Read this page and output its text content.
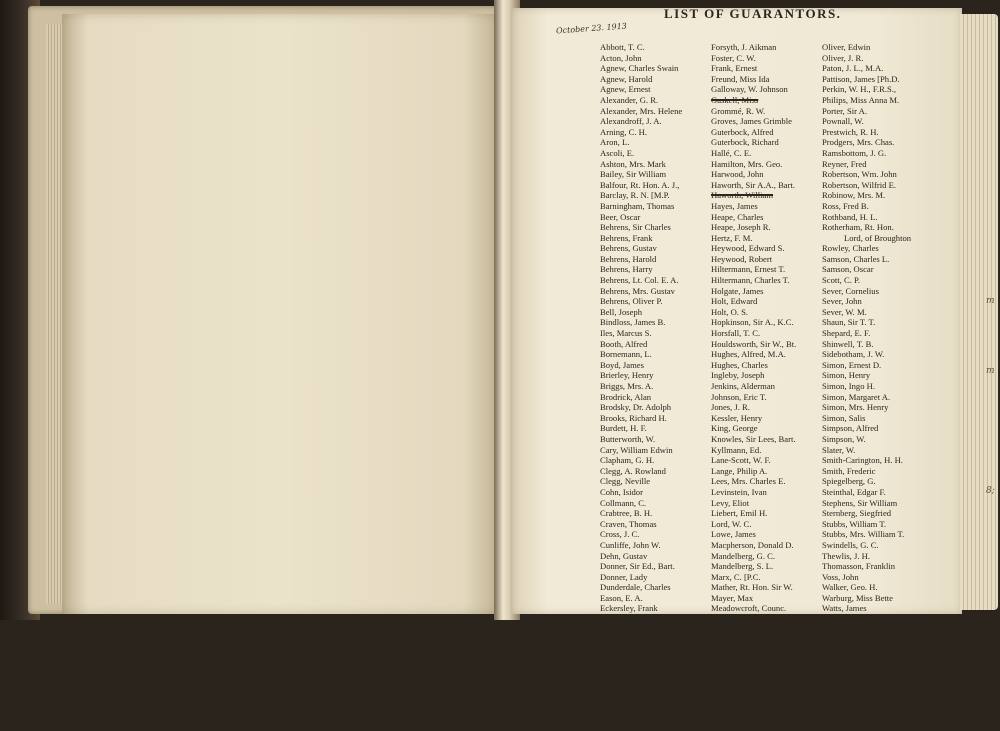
LIST OF GUARANTORS.
October 23. 1913
Abbott, T. C.
Acton, John
Agnew, Charles Swain
Agnew, Harold
Agnew, Ernest
Alexander, G. R.
Alexander, Mrs. Helene
Alexandroff, J. A.
Arning, C. H.
Aron, L.
Ascoli, E.
Ashton, Mrs. Mark
Bailey, Sir William
Balfour, Rt. Hon. A. J.,
Barclay, R. N. [M.P.
Barningham, Thomas
Beer, Oscar
Behrens, Sir Charles
Behrens, Frank
Behrens, Gustav
Behrens, Harold
Behrens, Harry
Behrens, Lt. Col. E. A.
Behrens, Mrs. Gustav
Behrens, Oliver P.
Bell, Joseph
Bindloss, James B.
Iles, Marcus S.
Booth, Alfred
Bornemann, L.
Boyd, James
Brierley, Henry
Briggs, Mrs. A.
Brodrick, Alan
Brodsky, Dr. Adolph
Brooks, Richard H.
Burdett, H. F.
Butterworth, W.
Cary, William Edwin
Clapham, G. H.
Clegg, A. Rowland
Clegg, Neville
Cohn, Isidor
Collmann, C.
Crabtree, B. H.
Craven, Thomas
Cross, J. C.
Cunliffe, John W.
Dehn, Gustav
Donner, Sir Ed., Bart.
Donner, Lady
Dunderdale, Charles
Eason, E. A.
Eckersley, Frank
Eckersley, William
Eckhard, Gustav
Eckhard, Mrs. G.
Edgar, R. A.
Elverston, Sir H., M.P.
Emmott, Rt. Hon. Lord,
of Oldham.
Finnigan, William
Flohr, John
Forrester, Peter
Forsyth, Algernon
Forsyth, J. Aikman
Foster, C. W.
Frank, Ernest
Freund, Miss Ida
Galloway, W. Johnson
Gaskell, Miss
Grommé, R. W.
Groves, James Grimble
Guterbock, Alfred
Guterbock, Richard
Hallé, C. E.
Hamilton, Mrs. Geo.
Harwood, John
Haworth, Sir A.A., Bart.
Haworth, William
Hayes, James
Heape, Charles
Heape, Joseph R.
Hertz, F. M.
Heywood, Edward S.
Heywood, Robert
Hiltermann, Ernest T.
Hiltermann, Charles T.
Holgate, James
Holt, Edward
Holt, O. S.
Hopkinson, Sir A., K.C.
Horsfall, T. C.
Houldsworth, Sir W., Bt.
Hughes, Alfred, M.A.
Hughes, Charles
Ingleby, Joseph
Jenkins, Alderman
Johnson, Eric T.
Jones, J. R.
Kessler, Henry
King, George
Knowles, Sir Lees, Bart.
Kyllmann, Ed.
Lane-Scott, W. F.
Lange, Philip A.
Lees, Mrs. Charles E.
Levinstein, Ivan
Levy, Eliot
Liebert, Emil H.
Lord, W. C.
Lowe, James
Macpherson, Donald D.
Mandelberg, G. C.
Mandelberg, S. L.
Marx, C. [P.C.
Mather, Rt. Hon. Sir W.
Mayer, Max
Meadowcroft, Counc.
Melland, W.
Miller, Charles James
Morreau, M.
Morris, H. N.
Moseley, David
Moxon, Thomas B.
Murray, George R.
Nasmith, J. W.
Nordlinger, Selmar
Nuttall, Harry, M.P.
Oliver, Edwin
Oliver, J. R.
Paton, J. L., M.A.
Pattison, James [Ph.D.
Perkin, W. H., F.R.S.,
Philips, Miss Anna M.
Porter, Sir A.
Pownall, W.
Prestwich, R. H.
Prodgers, Mrs. Chas.
Ramsbottom, J. G.
Reyner, Fred
Robertson, Wm. John
Robertson, Wilfrid E.
Robinow, Mrs. M.
Ross, Fred B.
Rothband, H. L.
Rotherham, Rt. Hon.
Lord, of Broughton
Rowley, Charles
Samson, Charles L.
Samson, Oscar
Scott, C. P.
Sever, Cornelius
Sever, John
Sever, W. M.
Shaun, Sir T. T.
Shepard, E. F.
Shinwell, T. B.
Sidebotham, J. W.
Simon, Ernest D.
Simon, Henry
Simon, Ingo H.
Simon, Margaret A.
Simon, Mrs. Henry
Simon, Salis
Simpson, Alfred
Simpson, W.
Slater, W.
Smith-Carington, H. H.
Smith, Frederic
Spiegelberg, G.
Steinthal, Edgar F.
Stephens, Sir William
Sternberg, Siegfried
Stubbs, William T.
Stubbs, Mrs. William T.
Swindells, G. C.
Thewlis, J. H.
Thomasson, Franklin
Voss, John
Walker, Geo. H.
Warburg, Miss Bette
Watts, James
Welldon, Rt. Rev. Bishop
Dean of Manchester
Welsh, W.
Westendarp, G.
Woolley, Hermann
Worthington, A. H.
Worthington, W. B.
Yates, Harry
Youatt, John
Zimmern, F.
m
m
8;
